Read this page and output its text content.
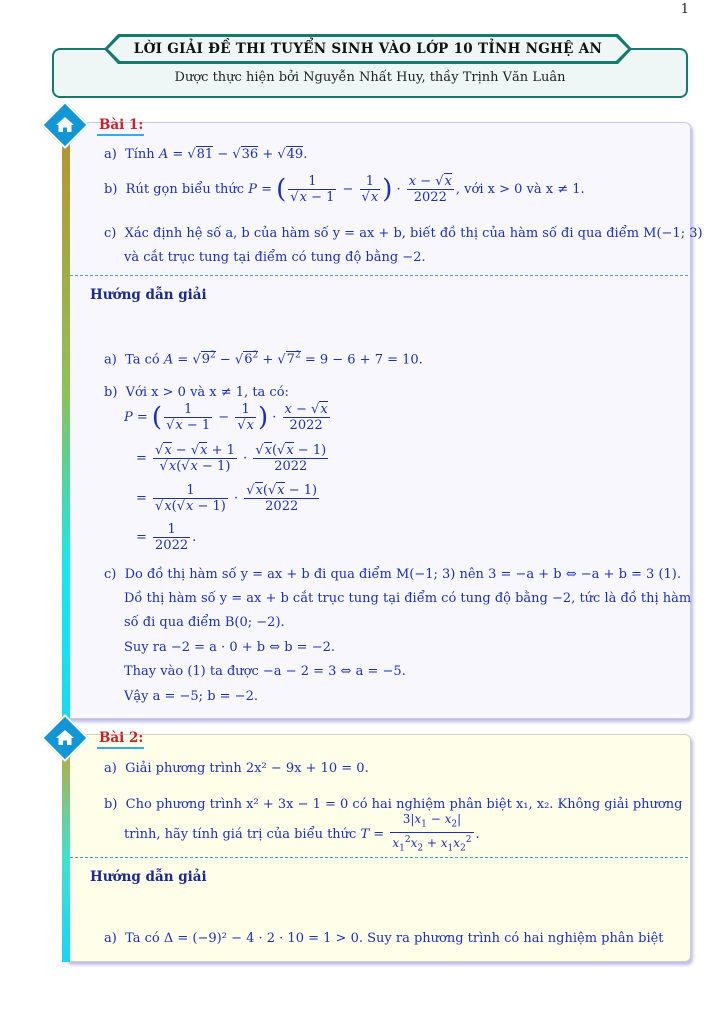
1
Dược thực hiện bởi Nguyễn Nhất Huy, thầy Trịnh Văn Luân
LỜI GIẢI ĐỀ THI TUYỂN SINH VÀO LỚP 10 TỈNH NGHỆ AN
Bài 1:
a) Tính A = √81 − √36 + √49.
b) Rút gọn biểu thức P = ( $\frac{1}{√x - 1} - \frac{1}{√x}$ ) · $\frac{x - √x}{2022}$ , với x > 0 và x ≠ 1.
c) Xác định hệ số a, b của hàm số y = ax + b, biết đồ thị của hàm số đi qua điểm M(−1; 3)
và cắt trục tung tại điểm có tung độ bằng −2.
Hướng dẫn giải
a) Ta có $A = √9^2 - √6^2 + √7^2 = 9 - 6 + 7 = 10$.
b) Với x > 0 và x ≠ 1, ta có:
P = ( $\frac{1}{√x - 1} - \frac{1}{√x}$ ) · $\frac{x - √x}{2022}$
= $\frac{√x - √x + 1}{√x(√x - 1)} \cdot \frac{√x(√x - 1)}{2022}$
= $\frac{1}{√x(√x - 1)} \cdot \frac{√x(√x - 1)}{2022}$
= $\frac{1}{2022}$ .
c) Do đồ thị hàm số y = ax + b đi qua điểm M(−1; 3) nên 3 = −a + b ⇔ −a + b = 3 (1).
Dồ thị hàm số y = ax + b cắt trục tung tại điểm có tung độ bằng −2, tức là đồ thị hàm
số đi qua điểm B(0; −2).
Suy ra −2 = a · 0 + b ⇔ b = −2.
Thay vào (1) ta được −a − 2 = 3 ⇔ a = −5.
Vậy a = −5; b = −2.
Bài 2:
a) Giải phương trình 2x² − 9x + 10 = 0.
b) Cho phương trình x² + 3x − 1 = 0 có hai nghiệm phân biệt x₁, x₂. Không giải phương
trình, hãy tính giá trị của biểu thức $T = \frac{3|x_1 - x_2|}{x_1^2x_2 + x_1x_2^2}$ .
Hướng dẫn giải
a) Ta có Δ = (−9)² − 4 · 2 · 10 = 1 > 0. Suy ra phương trình có hai nghiệm phân biệt
